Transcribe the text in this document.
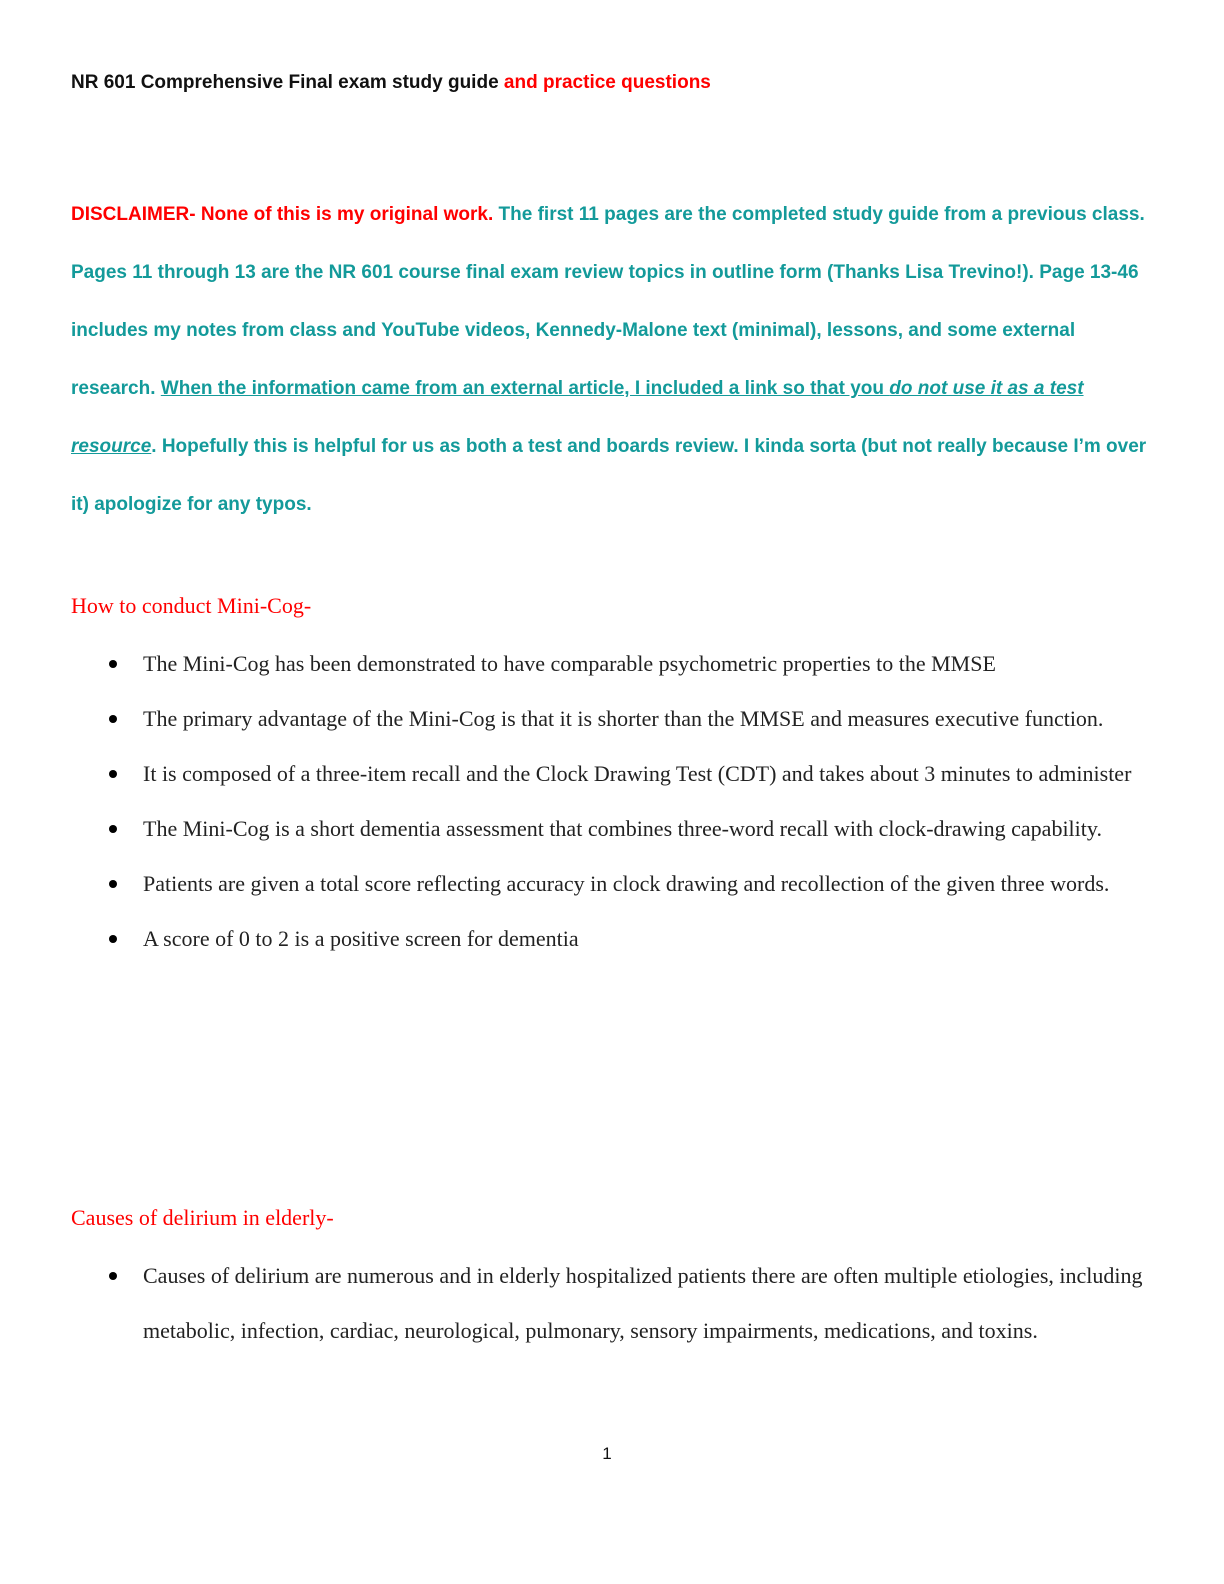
NR 601 Comprehensive Final exam study guide and practice questions
DISCLAIMER- None of this is my original work. The first 11 pages are the completed study guide from a previous class. Pages 11 through 13 are the NR 601 course final exam review topics in outline form (Thanks Lisa Trevino!). Page 13-46 includes my notes from class and YouTube videos, Kennedy-Malone text (minimal), lessons, and some external research. When the information came from an external article, I included a link so that you do not use it as a test resource. Hopefully this is helpful for us as both a test and boards review. I kinda sorta (but not really because I’m over it) apologize for any typos.
How to conduct Mini-Cog-
The Mini-Cog has been demonstrated to have comparable psychometric properties to the MMSE
The primary advantage of the Mini-Cog is that it is shorter than the MMSE and measures executive function.
It is composed of a three-item recall and the Clock Drawing Test (CDT) and takes about 3 minutes to administer
The Mini-Cog is a short dementia assessment that combines three-word recall with clock-drawing capability.
Patients are given a total score reflecting accuracy in clock drawing and recollection of the given three words.
A score of 0 to 2 is a positive screen for dementia
Causes of delirium in elderly-
Causes of delirium are numerous and in elderly hospitalized patients there are often multiple etiologies, including metabolic, infection, cardiac, neurological, pulmonary, sensory impairments, medications, and toxins.
1
